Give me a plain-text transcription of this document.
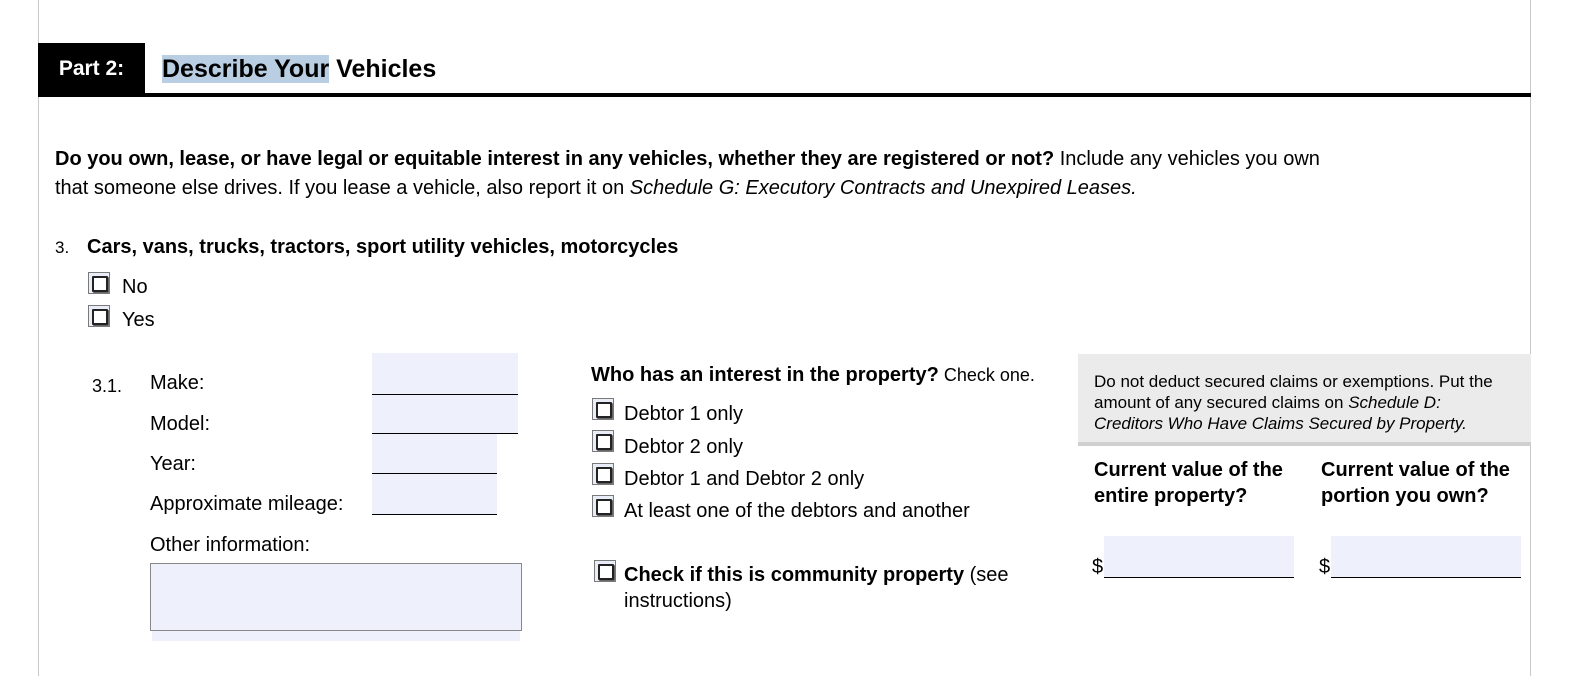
Part 2:	Describe Your Vehicles
Do you own, lease, or have legal or equitable interest in any vehicles, whether they are registered or not? Include any vehicles you own that someone else drives. If you lease a vehicle, also report it on Schedule G: Executory Contracts and Unexpired Leases.
3. Cars, vans, trucks, tractors, sport utility vehicles, motorcycles
No
Yes
3.1. Make:
Model:
Year:
Approximate mileage:
Other information:
Who has an interest in the property? Check one.
Debtor 1 only
Debtor 2 only
Debtor 1 and Debtor 2 only
At least one of the debtors and another
Check if this is community property (see instructions)
Do not deduct secured claims or exemptions. Put the amount of any secured claims on Schedule D: Creditors Who Have Claims Secured by Property.
Current value of the entire property?
Current value of the portion you own?
$	$
